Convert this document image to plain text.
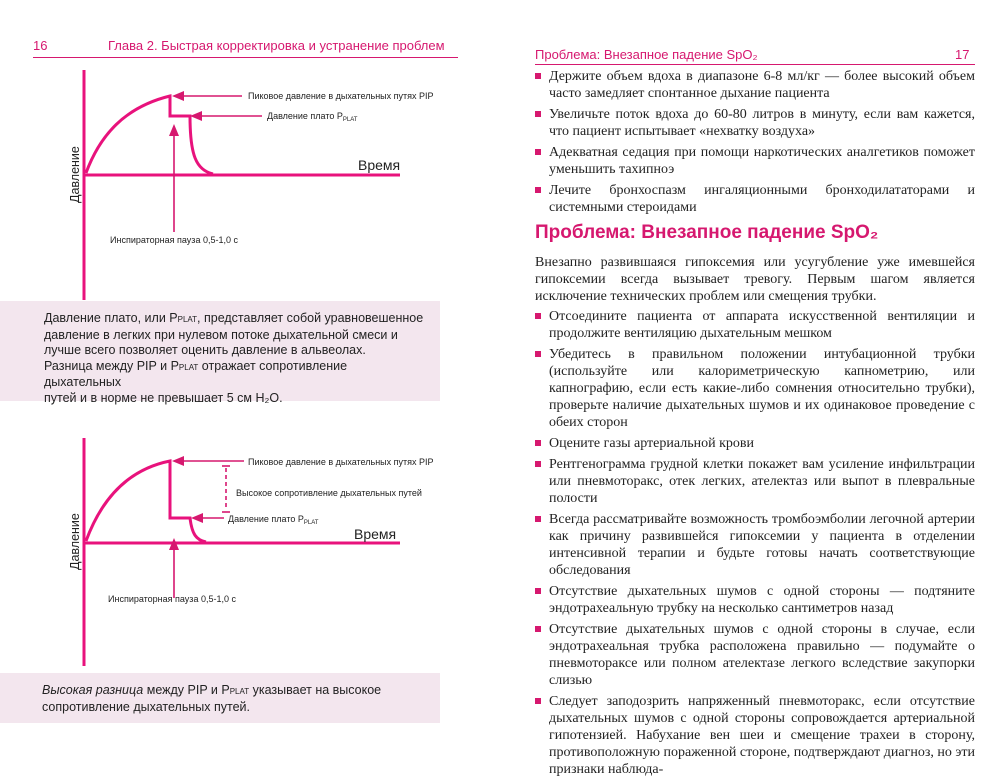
16	Глава 2. Быстрая корректировка и устранение проблем
Пиковое давление в дыхательных путях PIP
Давление плато $P_{PLAT}$
Время
Давление
Инспираторная пауза 0,5-1,0 с

Давление плато, или PPLAT, представляет собой уравновешенное

давление в легких при нулевом потоке дыхательной смеси и

лучше всего позволяет оценить давление в альвеолах.

Разница между PIP и PPLAT отражает сопротивление дыхательных

путей и в норме не превышает 5 см H₂O.

Пиковое давление в дыхательных путях PIP
Высокое сопротивление дыхательных путей
Давление плато $P_{PLAT}$
Время
Давление
Инспираторная пауза 0,5-1,0 с

Высокая разница между PIP и PPLAT указывает на высокое

сопротивление дыхательных путей.

Проблема: Внезапное падение SpO₂	17
Держите объем вдоха в диапазоне 6-8 мл/кг — более высокий объем часто замедляет спонтанное дыхание пациента
Увеличьте поток вдоха до 60-80 литров в минуту, если вам кажется, что пациент испытывает «нехватку воздуха»
Адекватная седация при помощи наркотических аналгетиков поможет уменьшить тахипноэ
Лечите бронхоспазм ингаляционными бронходилататорами и системными стероидами
Проблема: Внезапное падение SpO₂

Внезапно развившаяся гипоксемия или усугубление уже имевшейся гипоксемии всегда вызывает тревогу. Первым шагом является исключение технических проблем или смещения трубки.

Отсоедините пациента от аппарата искусственной вентиляции и продолжите вентиляцию дыхательным мешком
Убедитесь в правильном положении интубационной трубки (используйте или калориметрическую капнометрию, или капнографию, если есть какие-либо сомнения относительно трубки), проверьте наличие дыхательных шумов и их одинаковое проведение с обеих сторон
Оцените газы артериальной крови
Рентгенограмма грудной клетки покажет вам усиление инфильтрации или пневмоторакс, отек легких, ателектаз или выпот в плевральные полости
Всегда рассматривайте возможность тромбоэмболии легочной артерии как причину развившейся гипоксемии у пациента в отделении интенсивной терапии и будьте готовы начать соответствующие обследования
Отсутствие дыхательных шумов с одной стороны — подтяните эндотрахеальную трубку на несколько сантиметров назад
Отсутствие дыхательных шумов с одной стороны в случае, если эндотрахеальная трубка расположена правильно — подумайте о пневмотораксе или полном ателектазе легкого вследствие закупорки слизью
Следует заподозрить напряженный пневмоторакс, если отсутствие дыхательных шумов с одной стороны сопровождается артериальной гипотензией. Набухание вен шеи и смещение трахеи в сторону, противоположную пораженной стороне, подтверждают диагноз, но эти признаки наблюда-
